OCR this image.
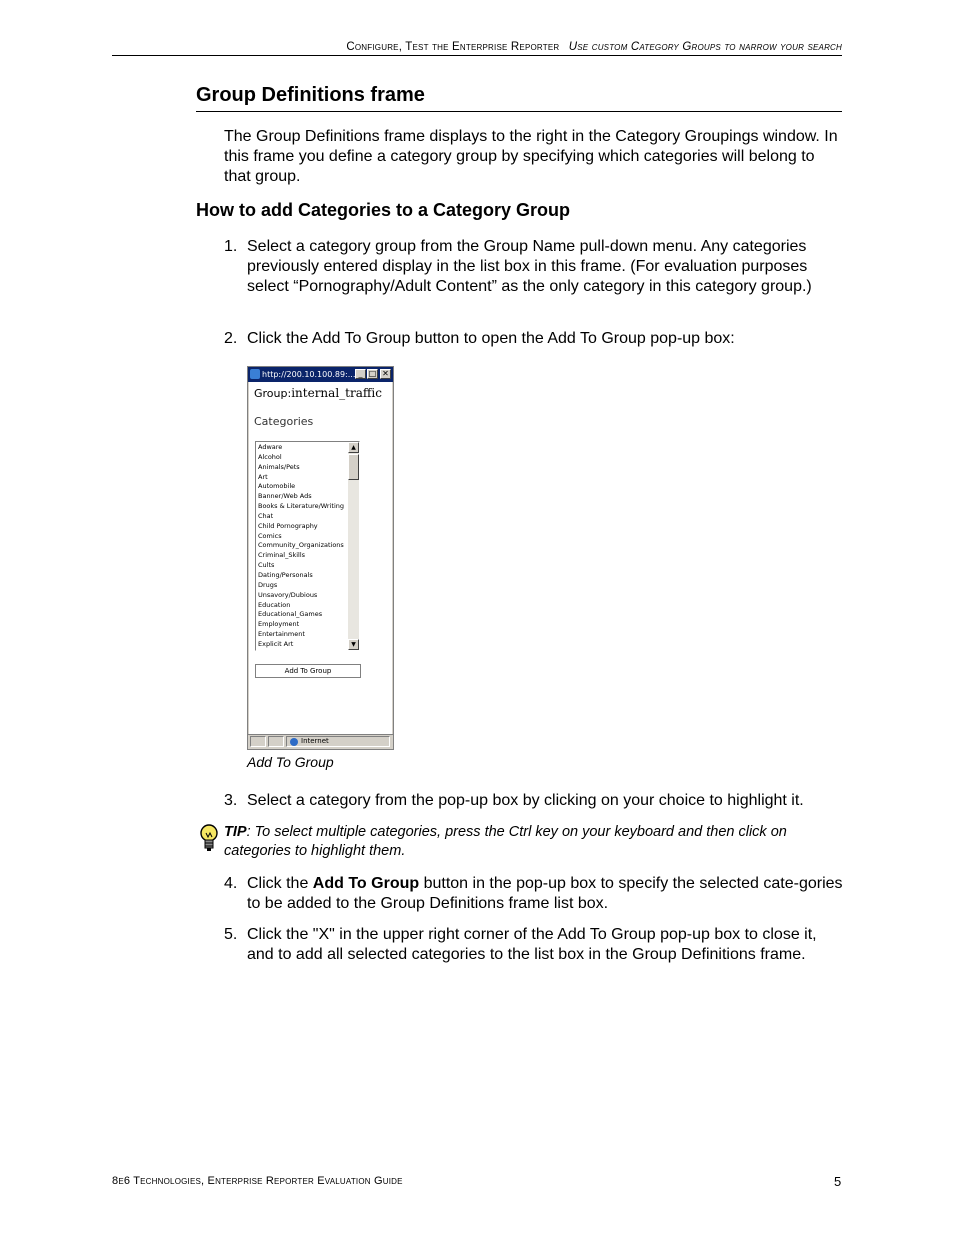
Configure, Test the Enterprise Reporter Use custom Category Groups to narrow your search
Group Definitions frame

The Group Definitions frame displays to the right in the Category Groupings window. In this frame you define a category group by specifying which categories will belong to that group.

How to add Categories to a Category Group
1. Select a category group from the Group Name pull-down menu. Any categories previously entered display in the list box in this frame. (For evaluation purposes select “Pornography/Adult Content” as the only category in this category group.)
2. Click the Add To Group button to open the Add To Group pop-up box:
http://200.10.100.89:... _ □ ✕
Group:internal_traffic
Categories
Adware
Alcohol
Animals/Pets
Art
Automobile
Banner/Web Ads
Books & Literature/Writing
Chat
Child Pornography
Comics
Community_Organizations
Criminal_Skills
Cults
Dating/Personals
Drugs
Unsavory/Dubious
Education
Educational_Games
Employment
Entertainment
Explicit Art
▲
▼
Add To Group
Internet
Add To Group
3. Select a category from the pop-up box by clicking on your choice to highlight it.
TIP: To select multiple categories, press the Ctrl key on your keyboard and then click on categories to highlight them.
4. Click the Add To Group button in the pop-up box to specify the selected cate-gories to be added to the Group Definitions frame list box.
5. Click the "X" in the upper right corner of the Add To Group pop-up box to close it, and to add all selected categories to the list box in the Group Definitions frame.
8e6 Technologies, Enterprise Reporter Evaluation Guide	5
